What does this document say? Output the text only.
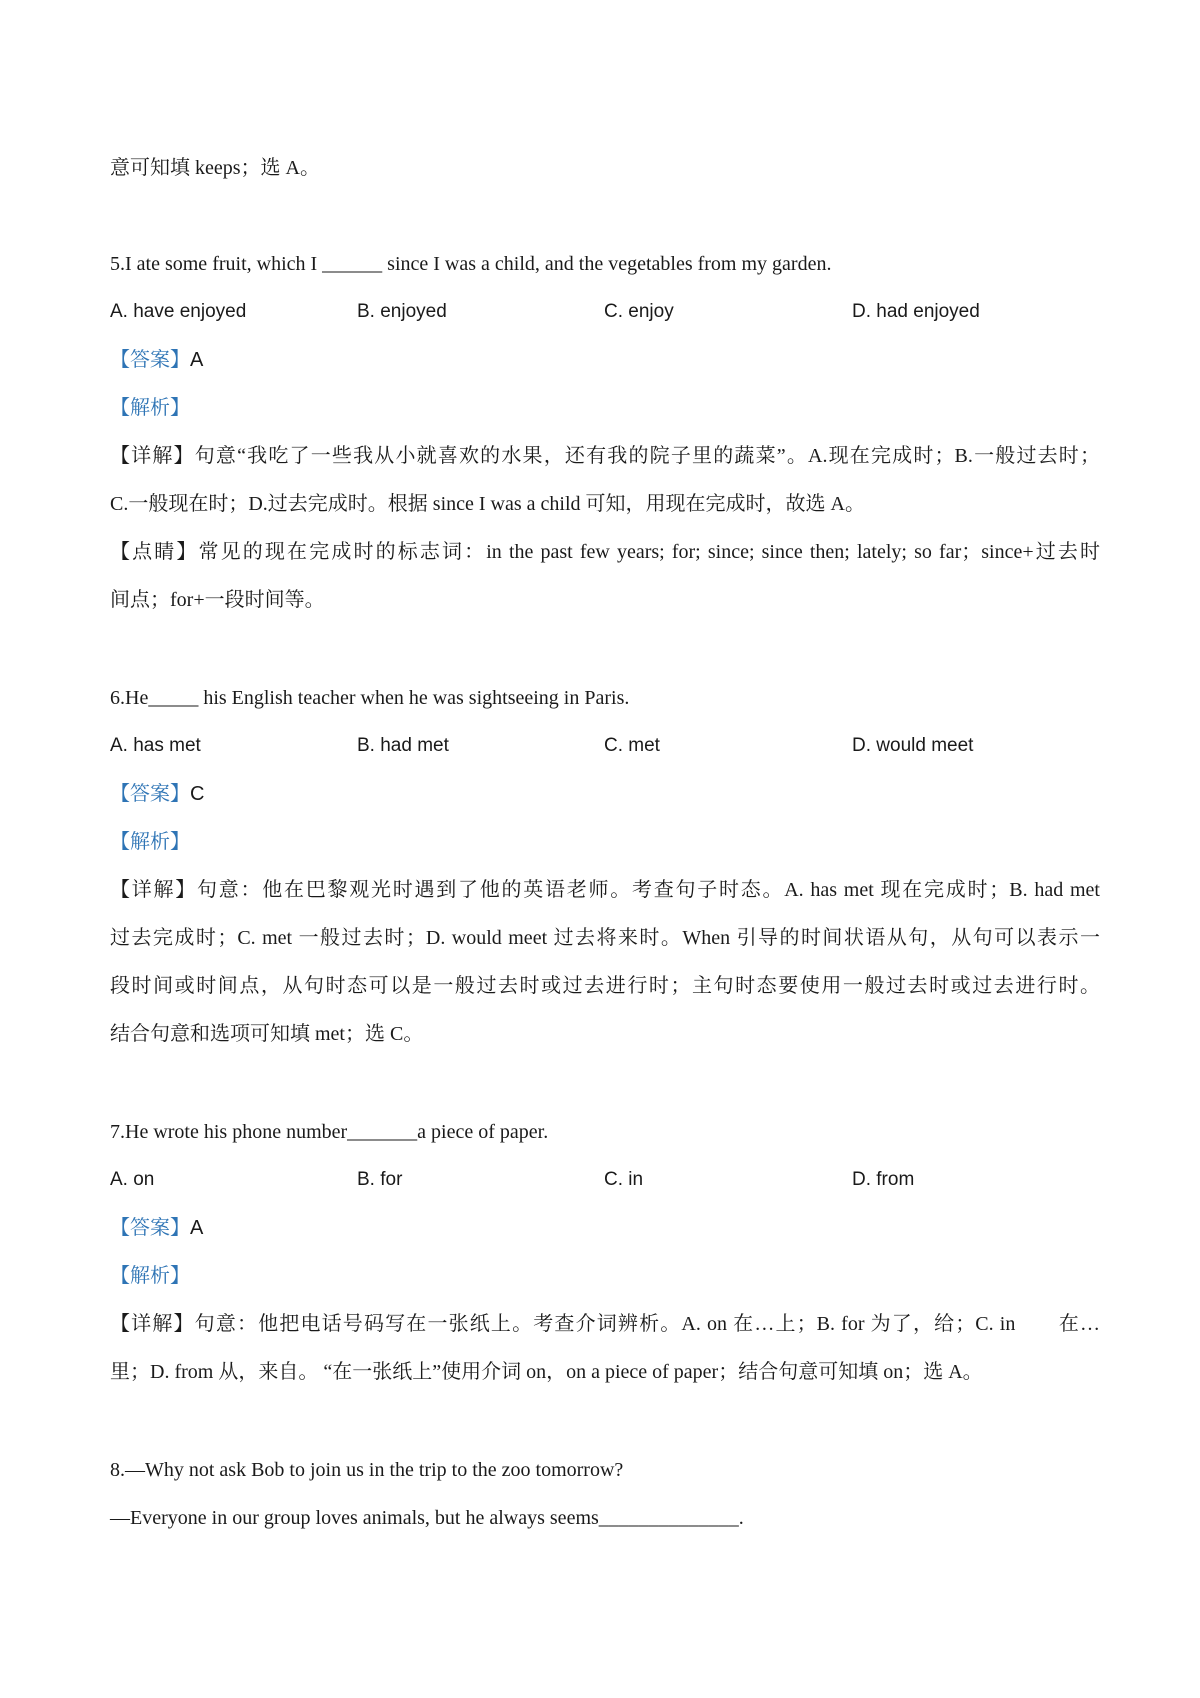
意可知填 keeps；选 A。
5.I ate some fruit, which I ______ since I was a child, and the vegetables from my garden.
A. have enjoyed	B. enjoyed	C. enjoy	D. had enjoyed
【答案】A
【解析】
【详解】句意“我吃了一些我从小就喜欢的水果，还有我的院子里的蔬菜”。A.现在完成时；B.一般过去时；
C.一般现在时；D.过去完成时。根据 since I was a child 可知，用现在完成时，故选 A。
【点睛】常见的现在完成时的标志词：in the past few years; for; since; since then; lately; so far；since+过去时
间点；for+一段时间等。
6.He_____ his English teacher when he was sightseeing in Paris.
A. has met	B. had met	C. met	D. would meet
【答案】C
【解析】
【详解】句意：他在巴黎观光时遇到了他的英语老师。考查句子时态。A. has met 现在完成时；B. had met
过去完成时；C. met 一般过去时；D. would meet 过去将来时。When 引导的时间状语从句，从句可以表示一
段时间或时间点，从句时态可以是一般过去时或过去进行时；主句时态要使用一般过去时或过去进行时。
结合句意和选项可知填 met；选 C。
7.He wrote his phone number_______a piece of paper.
A. on	B. for	C. in	D. from
【答案】A
【解析】
【详解】句意：他把电话号码写在一张纸上。考查介词辨析。A. on 在…上；B. for 为了，给；C. in　　在…
里；D. from 从，来自。 “在一张纸上”使用介词 on，on a piece of paper；结合句意可知填 on；选 A。
8.—Why not ask Bob to join us in the trip to the zoo tomorrow?
—Everyone in our group loves animals, but he always seems______________.
